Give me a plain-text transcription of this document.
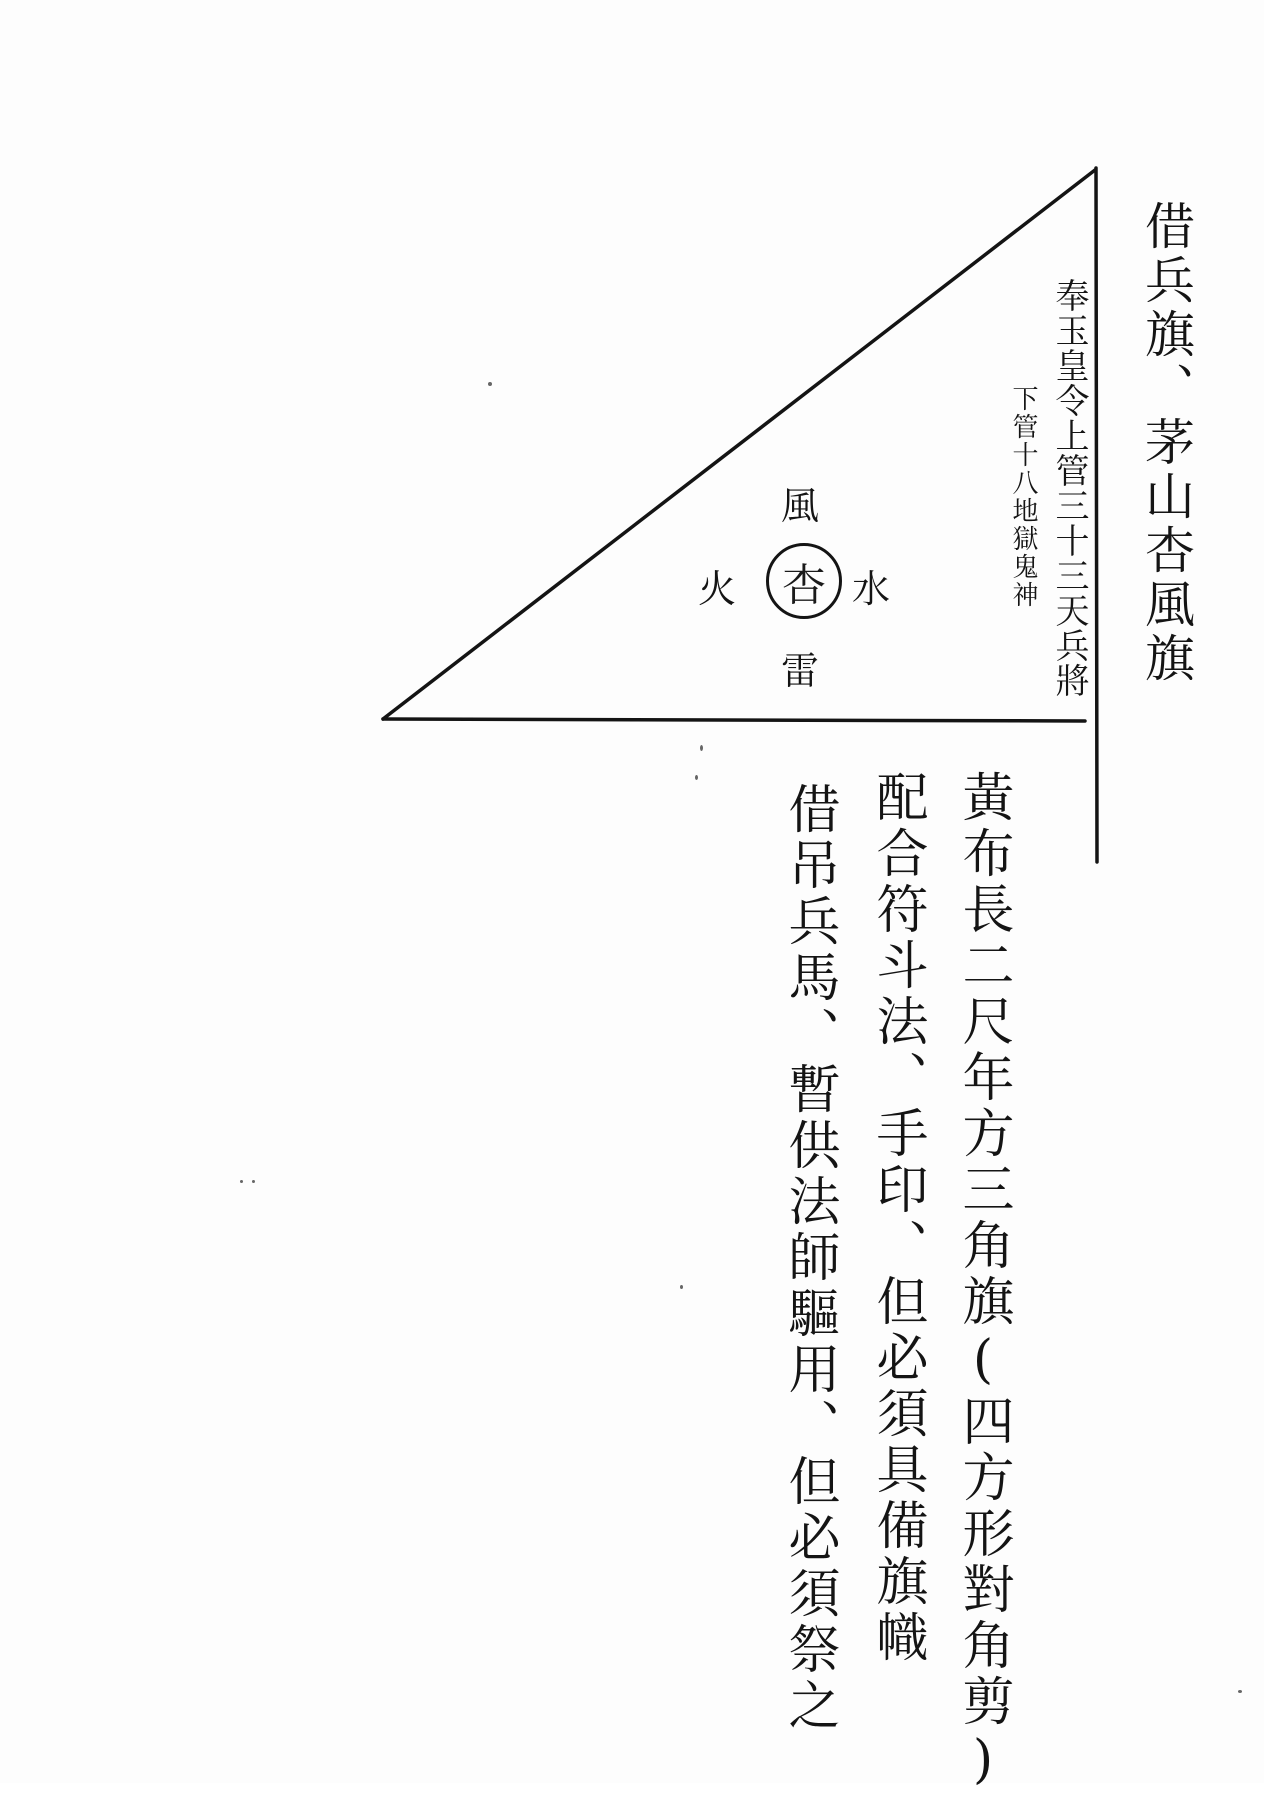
借兵旗、茅山杏風旗
奉玉皇令上管三十三天兵將
下管十八地獄鬼神
風
火	水
雷
杏
黃布長二尺年方三角旗(四方形對角剪)
配合符斗法、手印、但必須具備旗幟
借吊兵馬、暫供法師驅用、但必須祭之
